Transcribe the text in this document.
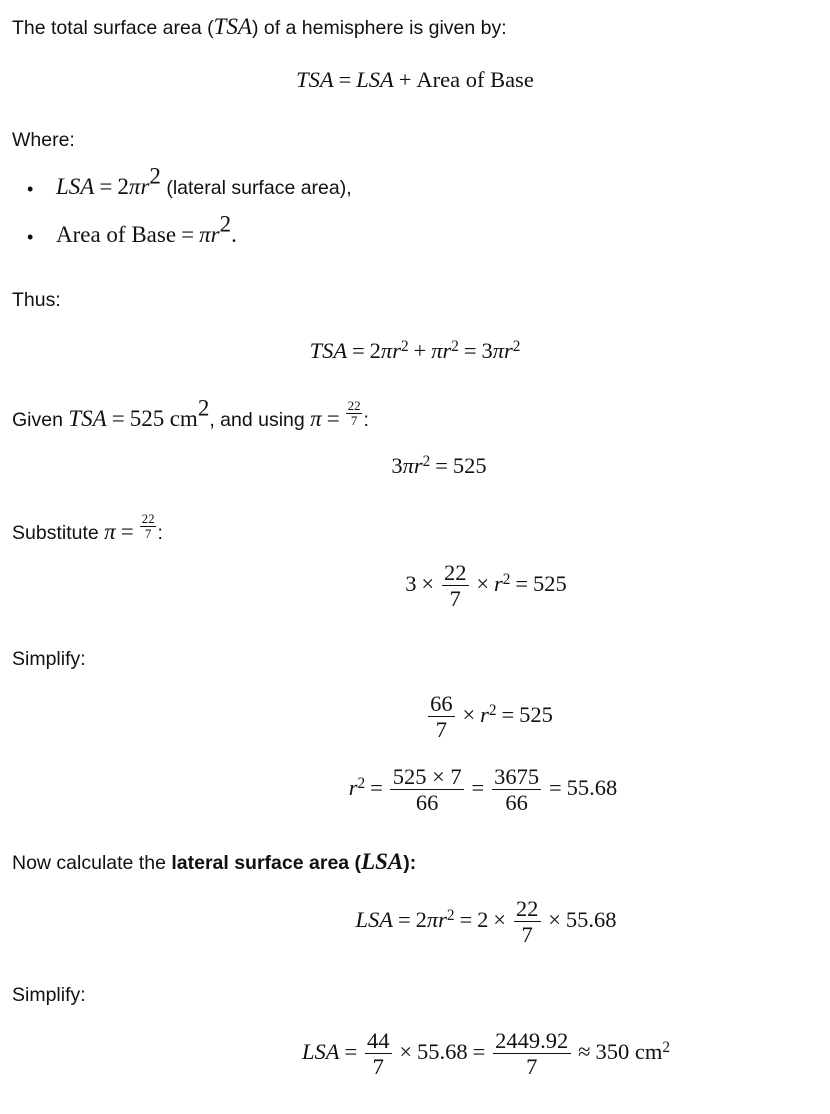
The total surface area (TSA) of a hemisphere is given by:
TSA = LSA + Area of Base
Where:
• LSA = $2\pi r^2$ (lateral surface area),
• Area of Base = $\pi r^2$.
Thus:
TSA = $2\pi r^2 + \pi r^2 = 3\pi r^2$
Given TSA = 525 $cm^2$, and using $\pi = \frac{22}{7}$ :
$3\pi r^2 = 525$
Substitute $\pi = \frac{22}{7}$ :
$3 \times \frac{22}{7} \times r^2 = 525$
Simplify:
$\frac{66}{7} \times r^2 = 525$
$r^2 = \frac{525 \times 7}{66} = \frac{3675}{66} = 55.68$
Now calculate the lateral surface area (LSA):
LSA = $2\pi r^2 = 2 \times \frac{22}{7} \times 55.68$
Simplify:
LSA = $\frac{44}{7} \times 55.68 = \frac{2449.92}{7} \approx 350$ $cm^2$
